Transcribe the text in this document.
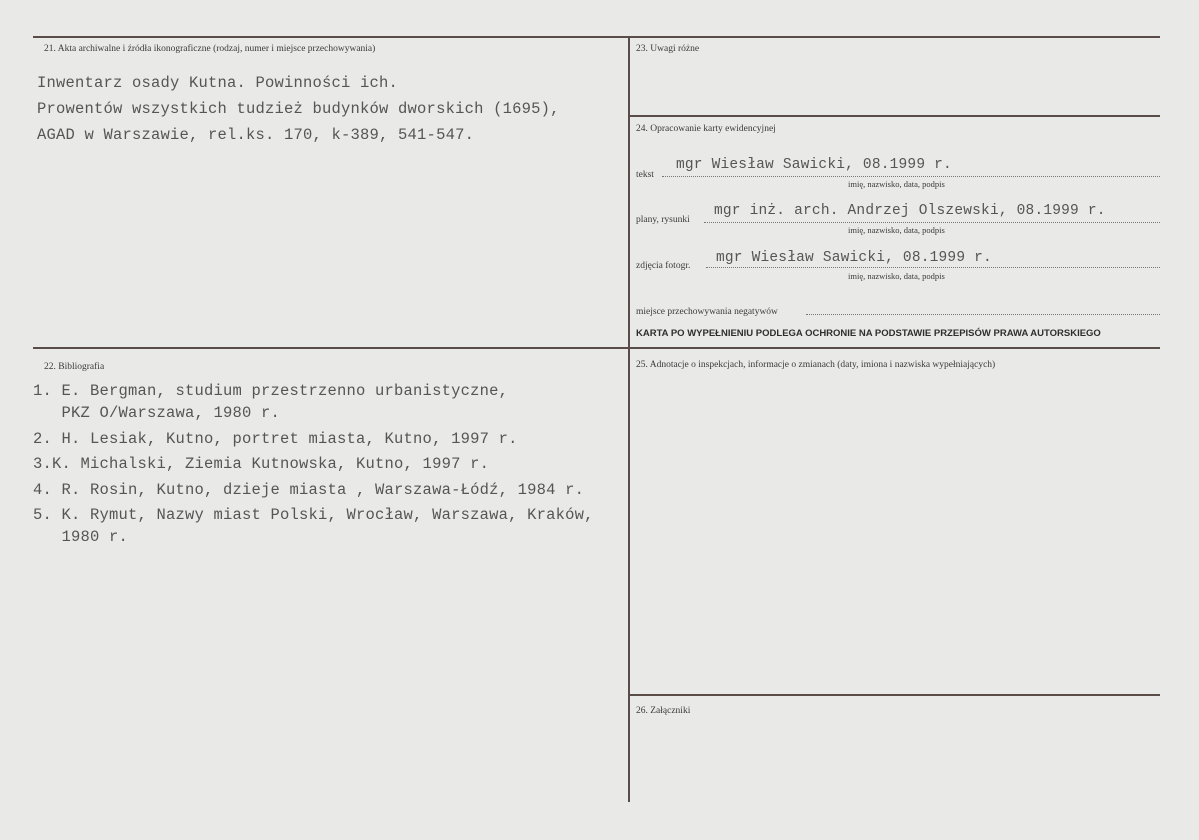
21. Akta archiwalne i źródła ikonograficzne (rodzaj, numer i miejsce przechowywania)
Inwentarz osady Kutna. Powinności ich.
Prowentów wszystkich tudzież budynków dworskich (1695),
AGAD w Warszawie, rel.ks. 170, k-389, 541-547.
23. Uwagi różne
24. Opracowanie karty ewidencyjnej
tekst
mgr Wiesław Sawicki, 08.1999 r.
imię, nazwisko, data, podpis
plany, rysunki
mgr inż. arch. Andrzej Olszewski, 08.1999 r.
imię, nazwisko, data, podpis
zdjęcia fotogr. mgr Wiesław Sawicki, 08.1999 r.
imię, nazwisko, data, podpis
miejsce przechowywania negatywów
KARTA PO WYPEŁNIENIU PODLEGA OCHRONIE NA PODSTAWIE PRZEPISÓW PRAWA AUTORSKIEGO
22. Bibliografia
1. E. Bergman, studium przestrzenno urbanistyczne,
PKZ O/Warszawa, 1980 r.
2. H. Lesiak, Kutno, portret miasta, Kutno, 1997 r.
3.K. Michalski, Ziemia Kutnowska, Kutno, 1997 r.
4. R. Rosin, Kutno, dzieje miasta , Warszawa-Łódź, 1984 r.
5. K. Rymut, Nazwy miast Polski, Wrocław, Warszawa, Kraków,
1980 r.
25. Adnotacje o inspekcjach, informacje o zmianach (daty, imiona i nazwiska wypełniających)
26. Załączniki
